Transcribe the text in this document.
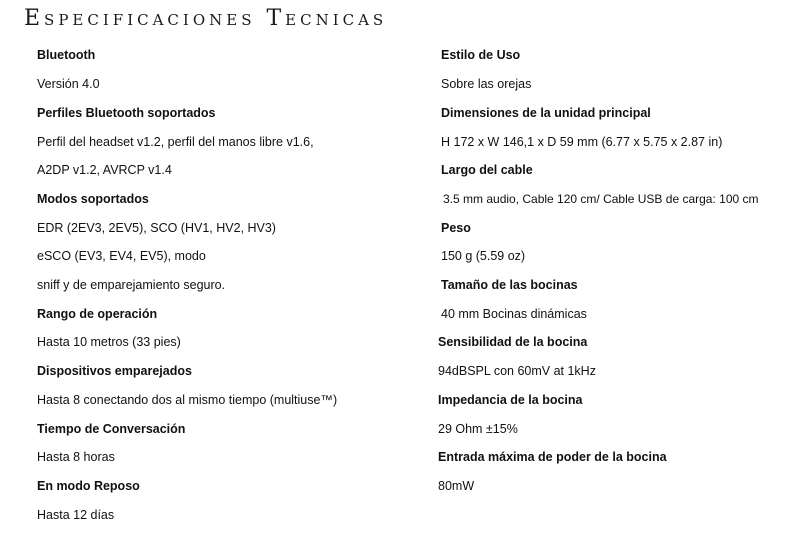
Especificaciones Tecnicas
Bluetooth
Versión 4.0
Perfiles Bluetooth soportados
Perfil del headset v1.2, perfil del manos libre v1.6,
A2DP v1.2, AVRCP v1.4
Modos soportados
EDR (2EV3, 2EV5), SCO (HV1, HV2, HV3)
eSCO (EV3, EV4, EV5), modo
sniff y de emparejamiento seguro.
Rango de operación
Hasta 10 metros (33 pies)
Dispositivos emparejados
Hasta 8 conectando dos al mismo tiempo (multiuse™)
Tiempo de Conversación
Hasta 8 horas
En modo Reposo
Hasta 12 días
Estilo de Uso
Sobre las orejas
Dimensiones de la unidad principal
H 172 x W 146,1 x D 59 mm (6.77 x 5.75 x 2.87 in)
Largo del cable
3.5 mm audio, Cable 120 cm/ Cable USB de carga: 100 cm
Peso
150 g (5.59 oz)
Tamaño de las bocinas
40 mm Bocinas dinámicas
Sensibilidad de la bocina
94dBSPL con 60mV at 1kHz
Impedancia de la bocina
29 Ohm ±15%
Entrada máxima de poder de la bocina
80mW
